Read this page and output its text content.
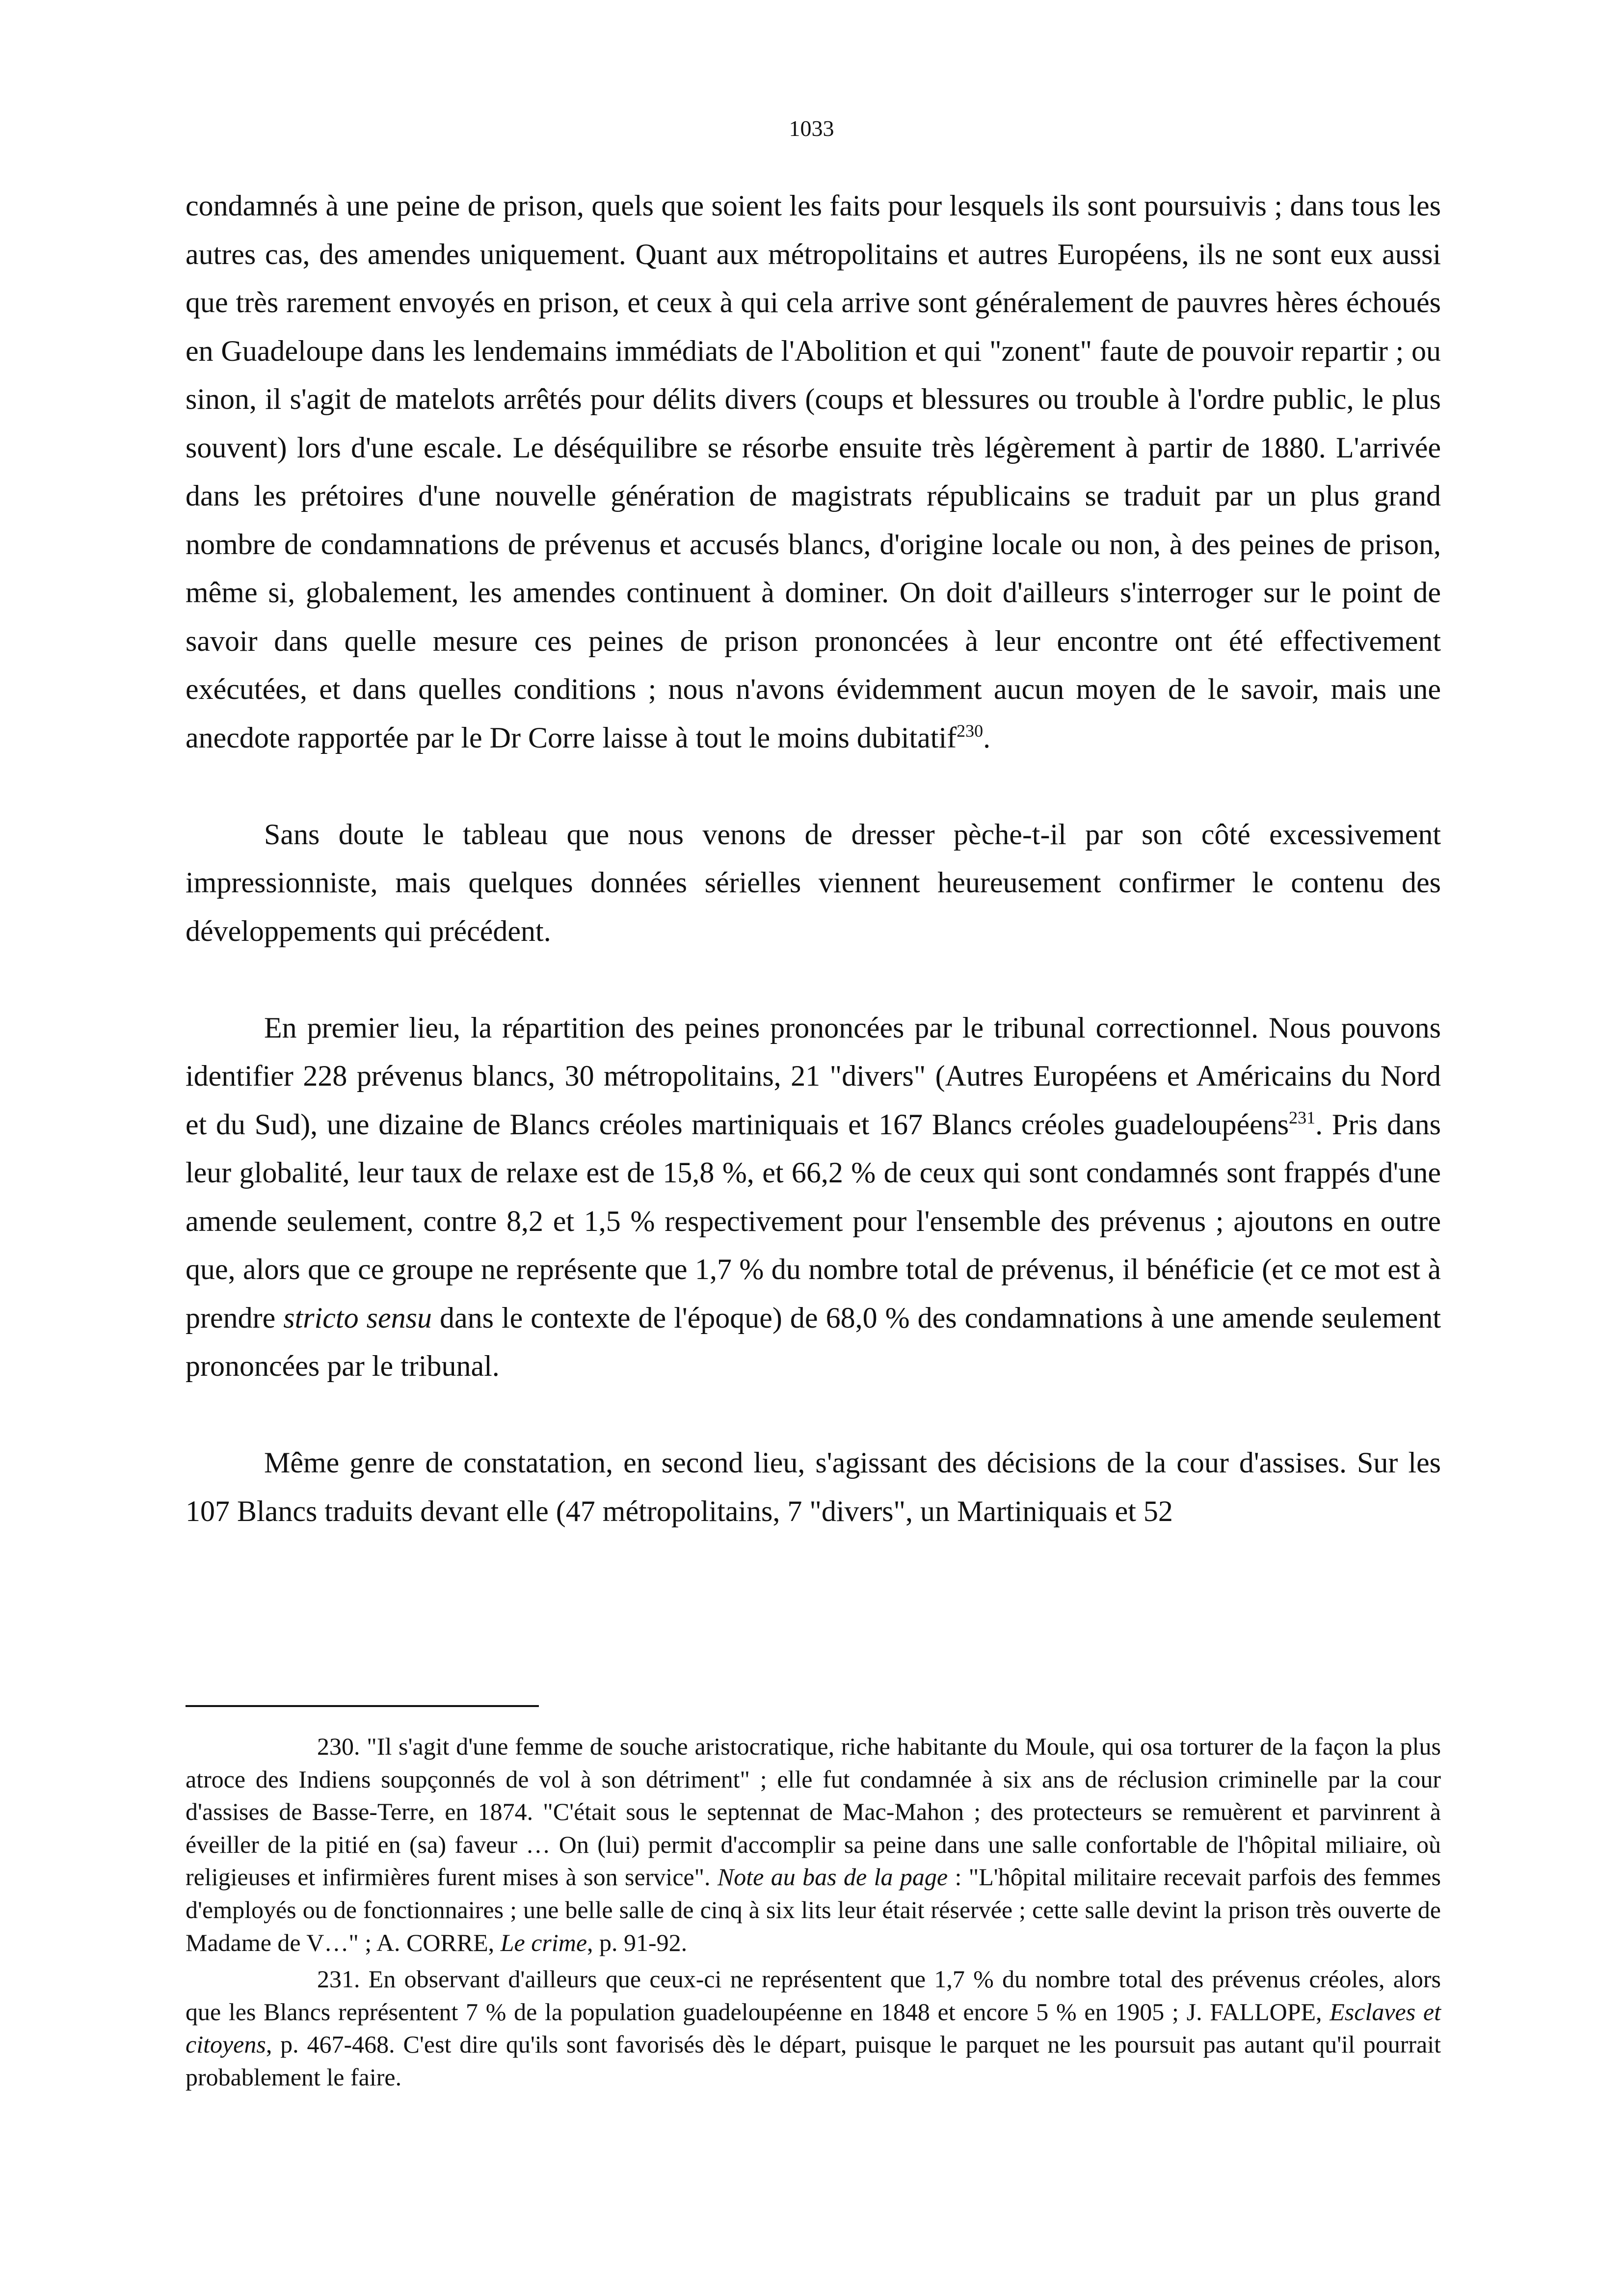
1033

condamnés à une peine de prison, quels que soient les faits pour lesquels ils sont poursuivis ; dans tous les autres cas, des amendes uniquement. Quant aux métropolitains et autres Européens, ils ne sont eux aussi que très rarement envoyés en prison, et ceux à qui cela arrive sont généralement de pauvres hères échoués en Guadeloupe dans les lendemains immédiats de l'Abolition et qui "zonent" faute de pouvoir repartir ; ou sinon, il s'agit de matelots arrêtés pour délits divers (coups et blessures ou trouble à l'ordre public, le plus souvent) lors d'une escale. Le déséquilibre se résorbe ensuite très légèrement à partir de 1880. L'arrivée dans les prétoires d'une nouvelle génération de magistrats républicains se traduit par un plus grand nombre de condamnations de prévenus et accusés blancs, d'origine locale ou non, à des peines de prison, même si, globalement, les amendes continuent à dominer. On doit d'ailleurs s'interroger sur le point de savoir dans quelle mesure ces peines de prison prononcées à leur encontre ont été effectivement exécutées, et dans quelles conditions ; nous n'avons évidemment aucun moyen de le savoir, mais une anecdote rapportée par le Dr Corre laisse à tout le moins dubitatif$^{230}$.

Sans doute le tableau que nous venons de dresser pèche-t-il par son côté excessivement impressionniste, mais quelques données sérielles viennent heureusement confirmer le contenu des développements qui précédent.

En premier lieu, la répartition des peines prononcées par le tribunal correctionnel. Nous pouvons identifier 228 prévenus blancs, 30 métropolitains, 21 "divers" (Autres Européens et Américains du Nord et du Sud), une dizaine de Blancs créoles martiniquais et 167 Blancs créoles guadeloupéens$^{231}$. Pris dans leur globalité, leur taux de relaxe est de 15,8 %, et 66,2 % de ceux qui sont condamnés sont frappés d'une amende seulement, contre 8,2 et 1,5 % respectivement pour l'ensemble des prévenus ; ajoutons en outre que, alors que ce groupe ne représente que 1,7 % du nombre total de prévenus, il bénéficie (et ce mot est à prendre stricto sensu dans le contexte de l'époque) de 68,0 % des condamnations à une amende seulement prononcées par le tribunal.

Même genre de constatation, en second lieu, s'agissant des décisions de la cour d'assises. Sur les 107 Blancs traduits devant elle (47 métropolitains, 7 "divers", un Martiniquais et 52

230. "Il s'agit d'une femme de souche aristocratique, riche habitante du Moule, qui osa torturer de la façon la plus atroce des Indiens soupçonnés de vol à son détriment" ; elle fut condamnée à six ans de réclusion criminelle par la cour d'assises de Basse-Terre, en 1874. "C'était sous le septennat de Mac-Mahon ; des protecteurs se remuèrent et parvinrent à éveiller de la pitié en (sa) faveur … On (lui) permit d'accomplir sa peine dans une salle confortable de l'hôpital miliaire, où religieuses et infirmières furent mises à son service". Note au bas de la page : "L'hôpital militaire recevait parfois des femmes d'employés ou de fonctionnaires ; une belle salle de cinq à six lits leur était réservée ; cette salle devint la prison très ouverte de Madame de V…" ; A. CORRE, Le crime, p. 91-92.

231. En observant d'ailleurs que ceux-ci ne représentent que 1,7 % du nombre total des prévenus créoles, alors que les Blancs représentent 7 % de la population guadeloupéenne en 1848 et encore 5 % en 1905 ; J. FALLOPE, Esclaves et citoyens, p. 467-468. C'est dire qu'ils sont favorisés dès le départ, puisque le parquet ne les poursuit pas autant qu'il pourrait probablement le faire.
